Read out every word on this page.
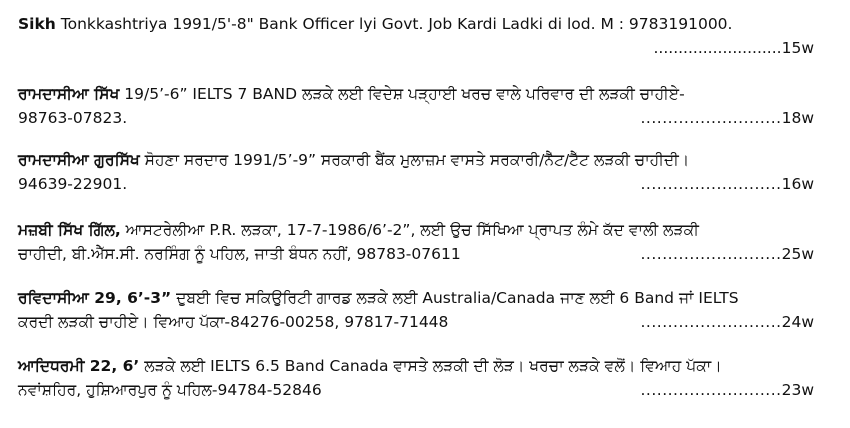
Sikh Tonkkashtriya 1991/5'-8" Bank Officer lyi Govt. Job Kardi Ladki di lod. M : 9783191000.
..........................15w
ਰਾਮਦਾਸੀਆ ਸਿੱਖ 19/5’-6” IELTS 7 BAND ਲੜਕੇ ਲਈ ਵਿਦੇਸ਼ ਪੜ੍ਹਾਈ ਖਰਚ ਵਾਲੇ ਪਰਿਵਾਰ ਦੀ ਲੜਕੀ ਚਾਹੀਏ-
98763-07823.	..........................18w
ਰਾਮਦਾਸੀਆ ਗੁਰਸਿੱਖ ਸੋਹਣਾ ਸਰਦਾਰ 1991/5’-9” ਸਰਕਾਰੀ ਬੈਂਕ ਮੁਲਾਜ਼ਮ ਵਾਸਤੇ ਸਰਕਾਰੀ/ਨੈੱਟ/ਟੈੱਟ ਲੜਕੀ ਚਾਹੀਦੀ।
94639-22901.	..........................16w
ਮਜ਼ਬੀ ਸਿੱਖ ਗਿੱਲ, ਆਸਟਰੇਲੀਆ P.R. ਲੜਕਾ, 17-7-1986/6’-2”, ਲਈ ਉਚ ਸਿੱਖਿਆ ਪ੍ਰਾਪਤ ਲੰਮੇ ਕੱਦ ਵਾਲੀ ਲੜਕੀ
ਚਾਹੀਦੀ, ਬੀ.ਐੱਸ.ਸੀ. ਨਰਸਿੰਗ ਨੂੰ ਪਹਿਲ, ਜਾਤੀ ਬੰਧਨ ਨਹੀਂ, 98783-07611	..........................25w
ਰਵਿਦਾਸੀਆ 29, 6’-3” ਦੁਬਈ ਵਿਚ ਸਕਿਉਰਿਟੀ ਗਾਰਡ ਲੜਕੇ ਲਈ Australia/Canada ਜਾਣ ਲਈ 6 Band ਜਾਂ IELTS
ਕਰਦੀ ਲੜਕੀ ਚਾਹੀਏ। ਵਿਆਹ ਪੱਕਾ-84276-00258, 97817-71448	..........................24w
ਆਦਿਧਰਮੀ 22, 6’ ਲੜਕੇ ਲਈ IELTS 6.5 Band Canada ਵਾਸਤੇ ਲੜਕੀ ਦੀ ਲੋੜ। ਖਰਚਾ ਲੜਕੇ ਵਲੋਂ। ਵਿਆਹ ਪੱਕਾ।
ਨਵਾਂਸ਼ਹਿਰ, ਹੁਸ਼ਿਆਰਪੁਰ ਨੂੰ ਪਹਿਲ-94784-52846	..........................23w
